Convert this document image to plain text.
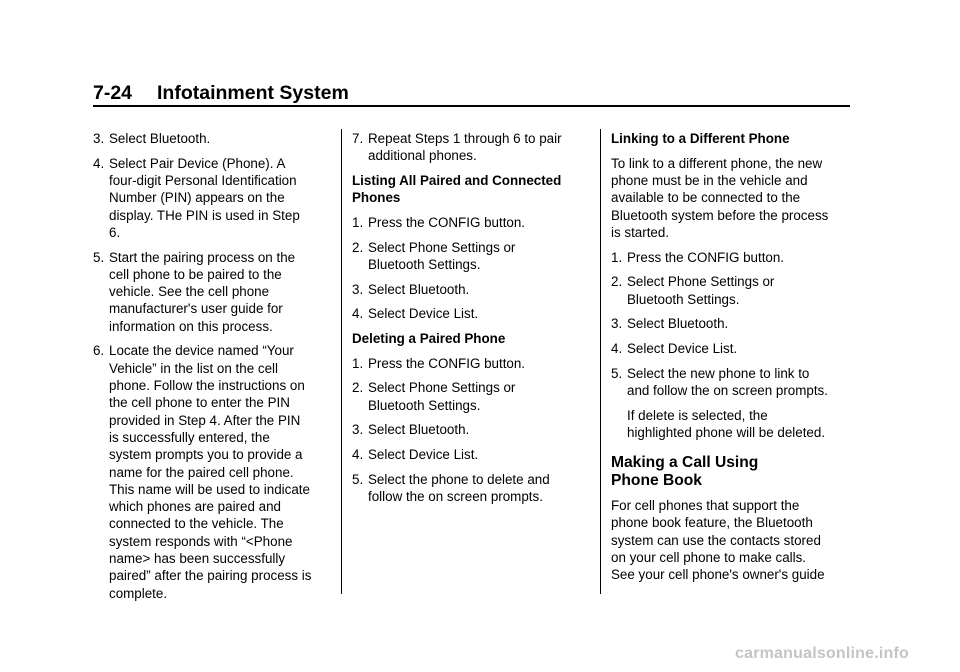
7-24 Infotainment System
3. Select Bluetooth.
4. Select Pair Device (Phone). A four-digit Personal Identification Number (PIN) appears on the display. THe PIN is used in Step 6.
5. Start the pairing process on the cell phone to be paired to the vehicle. See the cell phone manufacturer's user guide for information on this process.
6. Locate the device named “Your Vehicle” in the list on the cell phone. Follow the instructions on the cell phone to enter the PIN provided in Step 4. After the PIN is successfully entered, the system prompts you to provide a name for the paired cell phone. This name will be used to indicate which phones are paired and connected to the vehicle. The system responds with “<Phone name> has been successfully paired” after the pairing process is complete.
7. Repeat Steps 1 through 6 to pair additional phones.
Listing All Paired and Connected Phones
1. Press the CONFIG button.
2. Select Phone Settings or Bluetooth Settings.
3. Select Bluetooth.
4. Select Device List.
Deleting a Paired Phone
1. Press the CONFIG button.
2. Select Phone Settings or Bluetooth Settings.
3. Select Bluetooth.
4. Select Device List.
5. Select the phone to delete and follow the on screen prompts.
Linking to a Different Phone
To link to a different phone, the new phone must be in the vehicle and available to be connected to the Bluetooth system before the process is started.
1. Press the CONFIG button.
2. Select Phone Settings or Bluetooth Settings.
3. Select Bluetooth.
4. Select Device List.
5. Select the new phone to link to and follow the on screen prompts.
If delete is selected, the highlighted phone will be deleted.
Making a Call Using
Phone Book
For cell phones that support the phone book feature, the Bluetooth system can use the contacts stored on your cell phone to make calls. See your cell phone's owner's guide
carmanualsonline.info
